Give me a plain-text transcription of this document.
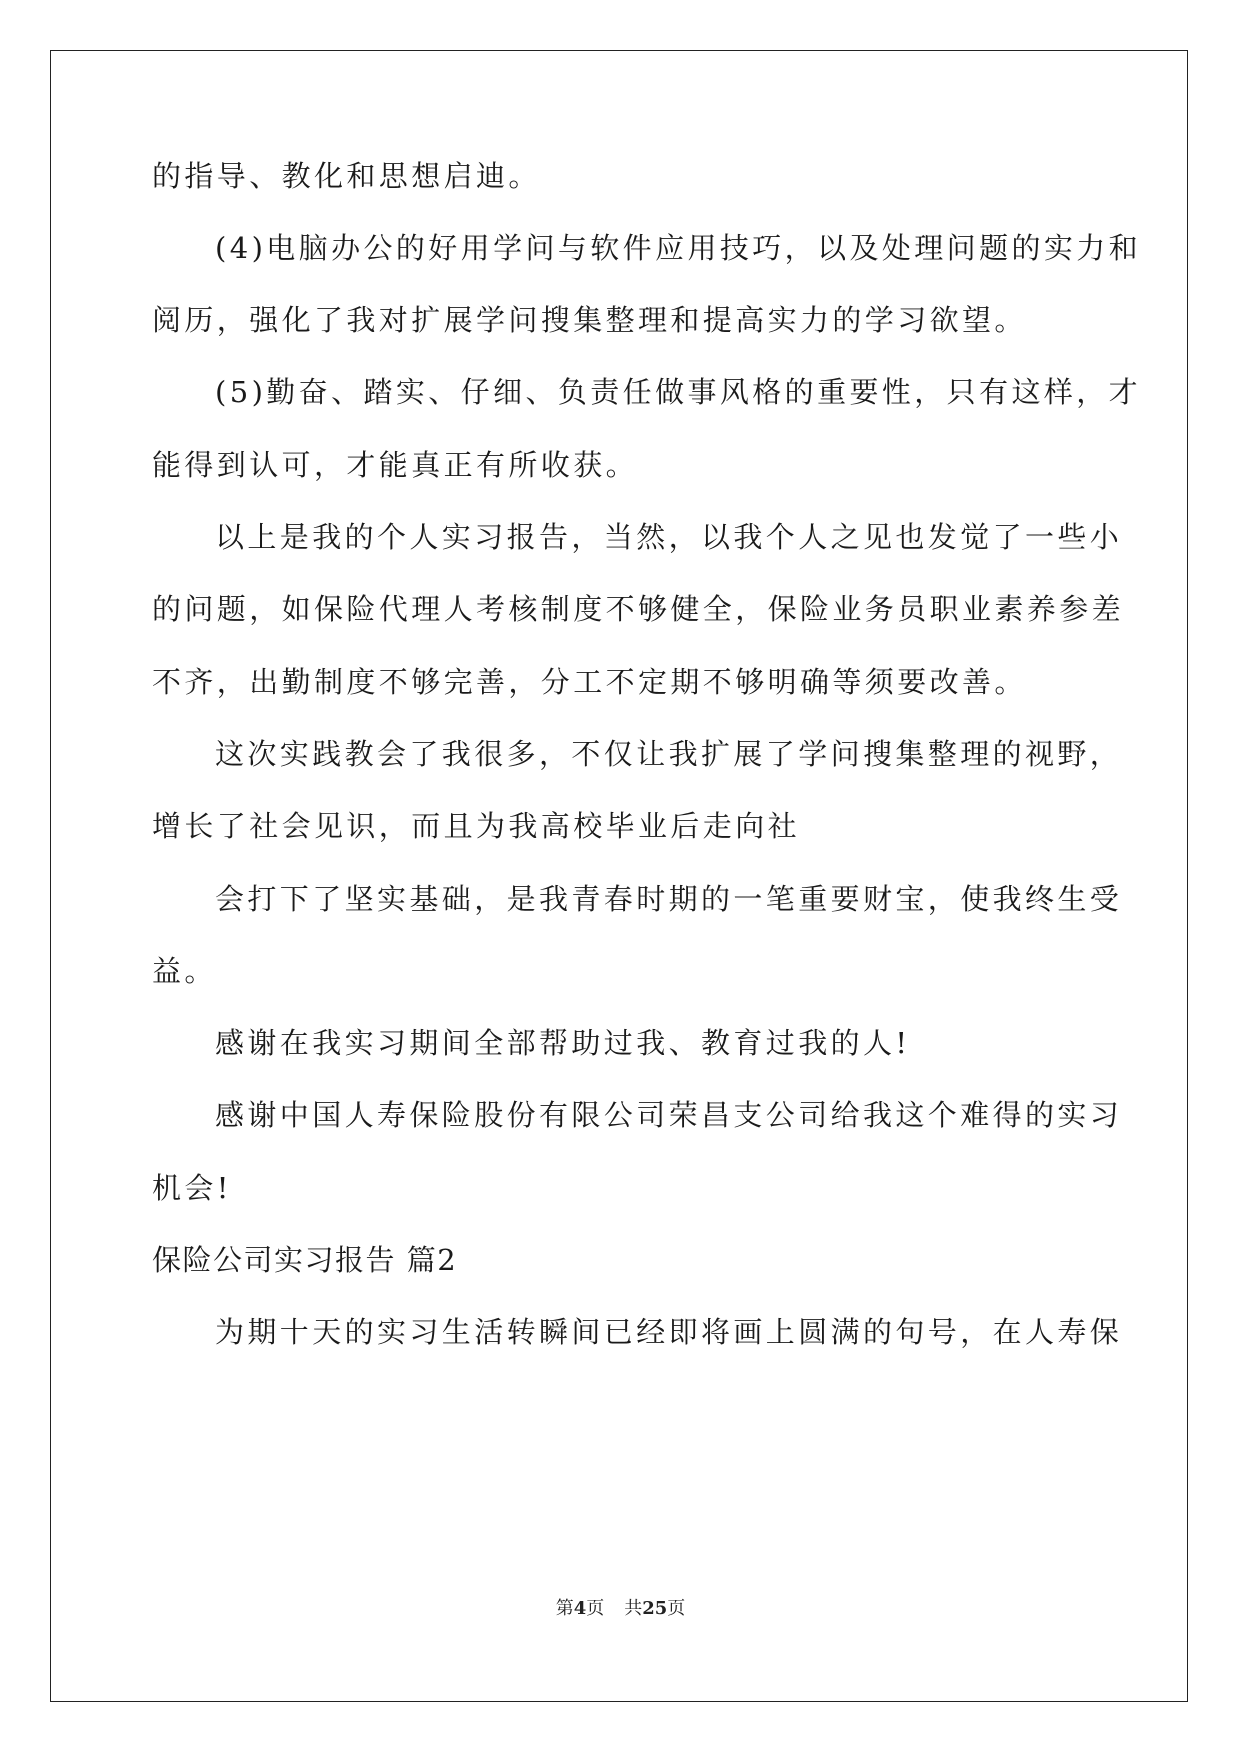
的指导、教化和思想启迪。
(4)电脑办公的好用学问与软件应用技巧，以及处理问题的实力和
阅历，强化了我对扩展学问搜集整理和提高实力的学习欲望。
(5)勤奋、踏实、仔细、负责任做事风格的重要性，只有这样，才
能得到认可，才能真正有所收获。
以上是我的个人实习报告，当然，以我个人之见也发觉了一些小
的问题，如保险代理人考核制度不够健全，保险业务员职业素养参差
不齐，出勤制度不够完善，分工不定期不够明确等须要改善。
这次实践教会了我很多，不仅让我扩展了学问搜集整理的视野，
增长了社会见识，而且为我高校毕业后走向社
会打下了坚实基础，是我青春时期的一笔重要财宝，使我终生受
益。
感谢在我实习期间全部帮助过我、教育过我的人!
感谢中国人寿保险股份有限公司荣昌支公司给我这个难得的实习
机会!
保险公司实习报告 篇2
为期十天的实习生活转瞬间已经即将画上圆满的句号，在人寿保
第4页 共25页
